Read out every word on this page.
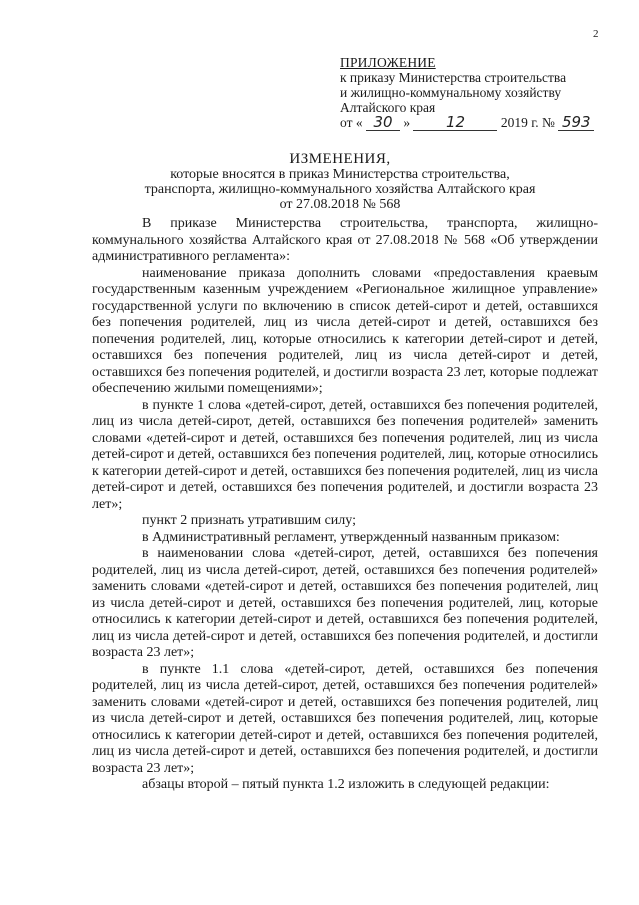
2
ПРИЛОЖЕНИЕ
к приказу Министерства строительства
и жилищно-коммунальному хозяйству
Алтайского края
от « 30 » 12	2019 г. № 593
ИЗМЕНЕНИЯ,
которые вносятся в приказ Министерства строительства,
транспорта, жилищно-коммунального хозяйства Алтайского края
от 27.08.2018 № 568

В приказе Министерства строительства, транспорта, жилищно-коммунального хозяйства Алтайского края от 27.08.2018 № 568 «Об утверждении административного регламента»:

наименование приказа дополнить словами «предоставления краевым государственным казенным учреждением «Региональное жилищное управление» государственной услуги по включению в список детей-сирот и детей, оставшихся без попечения родителей, лиц из числа детей-сирот и детей, оставшихся без попечения родителей, лиц, которые относились к категории детей-сирот и детей, оставшихся без попечения родителей, лиц из числа детей-сирот и детей, оставшихся без попечения родителей, и достигли возраста 23 лет, которые подлежат обеспечению жилыми помещениями»;

в пункте 1 слова «детей-сирот, детей, оставшихся без попечения родителей, лиц из числа детей-сирот, детей, оставшихся без попечения родителей» заменить словами «детей-сирот и детей, оставшихся без попечения родителей, лиц из числа детей-сирот и детей, оставшихся без попечения родителей, лиц, которые относились к категории детей-сирот и детей, оставшихся без попечения родителей, лиц из числа детей-сирот и детей, оставшихся без попечения родителей, и достигли возраста 23 лет»;

пункт 2 признать утратившим силу;

в Административный регламент, утвержденный названным приказом:

в наименовании слова «детей-сирот, детей, оставшихся без попечения родителей, лиц из числа детей-сирот, детей, оставшихся без попечения родителей» заменить словами «детей-сирот и детей, оставшихся без попечения родителей, лиц из числа детей-сирот и детей, оставшихся без попечения родителей, лиц, которые относились к категории детей-сирот и детей, оставшихся без попечения родителей, лиц из числа детей-сирот и детей, оставшихся без попечения родителей, и достигли возраста 23 лет»;

в пункте 1.1 слова «детей-сирот, детей, оставшихся без попечения родителей, лиц из числа детей-сирот, детей, оставшихся без попечения родителей» заменить словами «детей-сирот и детей, оставшихся без попечения родителей, лиц из числа детей-сирот и детей, оставшихся без попечения родителей, лиц, которые относились к категории детей-сирот и детей, оставшихся без попечения родителей, лиц из числа детей-сирот и детей, оставшихся без попечения родителей, и достигли возраста 23 лет»;

абзацы второй – пятый пункта 1.2 изложить в следующей редакции:
